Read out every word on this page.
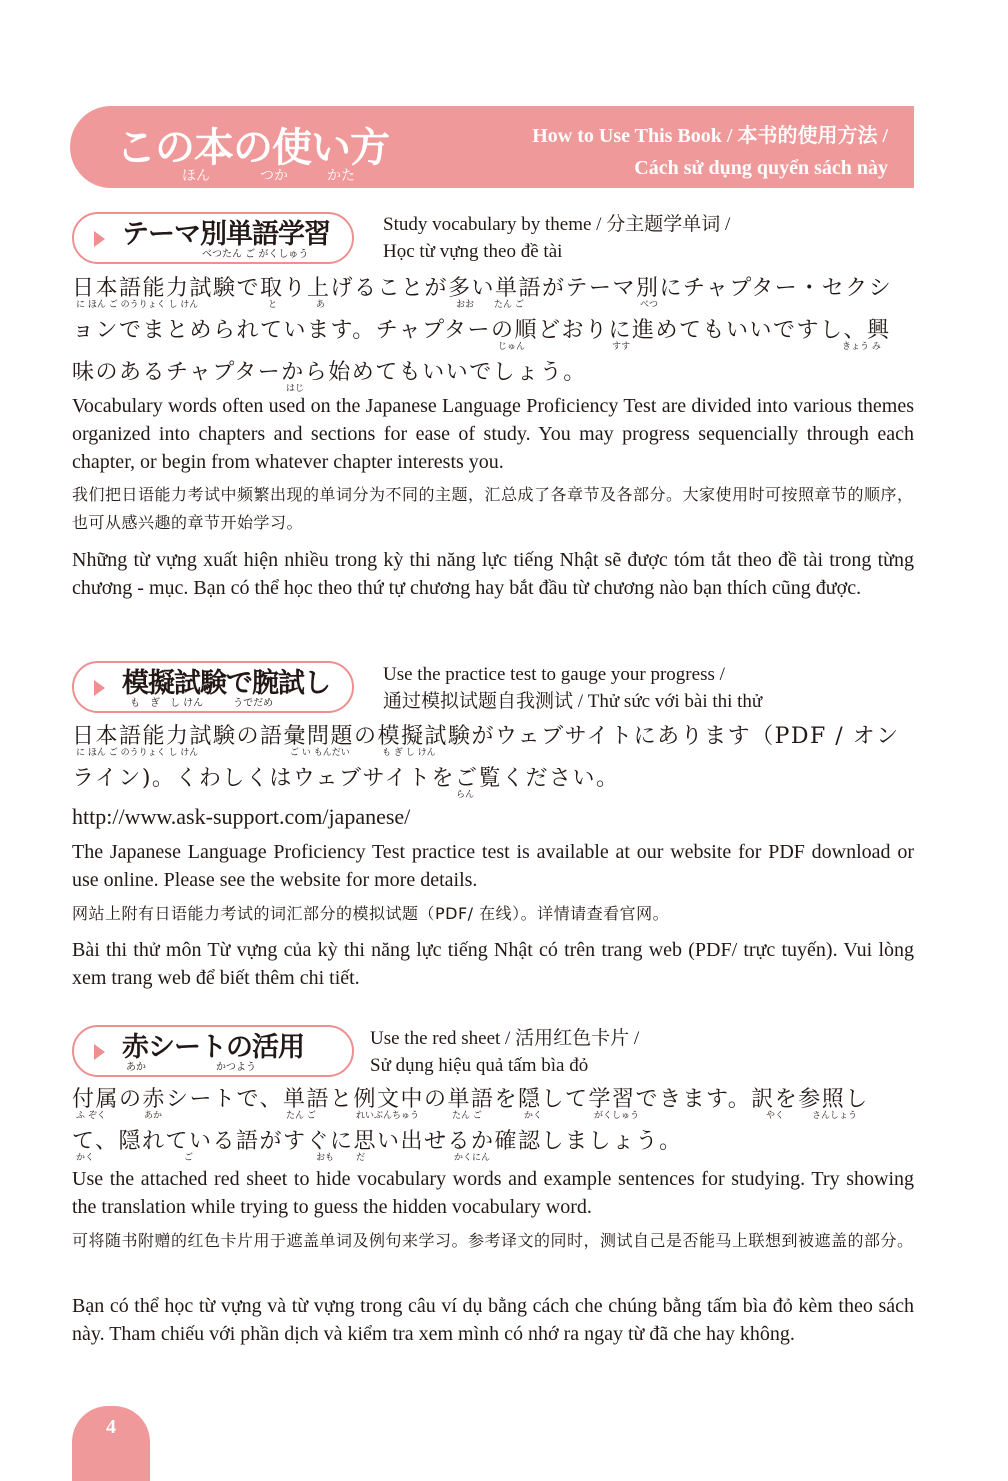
この本の使い方
ほん	つか	かた
How to Use This Book / 本书的使用方法 /
Cách sử dụng quyển sách này
テーマ別単語学習
べつたん ご がくしゅう
Study vocabulary by theme / 分主题学单词 /
Học từ vựng theo đề tài

日本語能力試験で取り上げることが多い単語がテーマ別にチャプター・セクションでまとめられています。チャプターの順どおりに進めてもいいですし、興味のあるチャプターから始めてもいいでしょう。

に ほん ご のうりょく し けん	と	あ	おお たん ご	べつ
じゅん	すす	きょう み
はじ

Vocabulary words often used on the Japanese Language Proficiency Test are divided into various themes organized into chapters and sections for ease of study. You may progress sequencially through each chapter, or begin from whatever chapter interests you.

我们把日语能力考试中频繁出现的单词分为不同的主题，汇总成了各章节及各部分。大家使用时可按照章节的顺序，也可从感兴趣的章节开始学习。

Những từ vựng xuất hiện nhiều trong kỳ thi năng lực tiếng Nhật sẽ được tóm tắt theo đề tài trong từng chương - mục. Bạn có thể học theo thứ tự chương hay bắt đầu từ chương nào bạn thích cũng được.

模擬試験で腕試し
も　ぎ　し けん　　　うでだめ
Use the practice test to gauge your progress /
通过模拟试题自我测试 / Thử sức với bài thi thử

日本語能力試験の語彙問題の模擬試験がウェブサイトにあります（PDF / オンライン)。くわしくはウェブサイトをご覧ください。

に ほん ご のうりょく し けん	ご い もんだい	も ぎ し けん
らん

http://www.ask-support.com/japanese/

The Japanese Language Proficiency Test practice test is available at our website for PDF download or use online. Please see the website for more details.

网站上附有日语能力考试的词汇部分的模拟试题（PDF/ 在线）。详情请查看官网。

Bài thi thử môn Từ vựng của kỳ thi năng lực tiếng Nhật có trên trang web (PDF/ trực tuyến). Vui lòng xem trang web để biết thêm chi tiết.

赤シートの活用
あか　　　　　　　かつよう
Use the red sheet / 活用红色卡片 /
Sử dụng hiệu quả tấm bìa đỏ

付属の赤シートで、単語と例文中の単語を隠して学習できます。訳を参照して、隠れている語がすぐに思い出せるか確認しましょう。

ふ ぞく	あか	たん ご	れいぶんちゅう	たん ご	かく	がくしゅう	やく	さんしょう
かく	ご	おも だ	かくにん

Use the attached red sheet to hide vocabulary words and example sentences for studying. Try showing the translation while trying to guess the hidden vocabulary word.

可将随书附赠的红色卡片用于遮盖单词及例句来学习。参考译文的同时，测试自己是否能马上联想到被遮盖的部分。

Bạn có thể học từ vựng và từ vựng trong câu ví dụ bằng cách che chúng bằng tấm bìa đỏ kèm theo sách này. Tham chiếu với phần dịch và kiểm tra xem mình có nhớ ra ngay từ đã che hay không.

4
